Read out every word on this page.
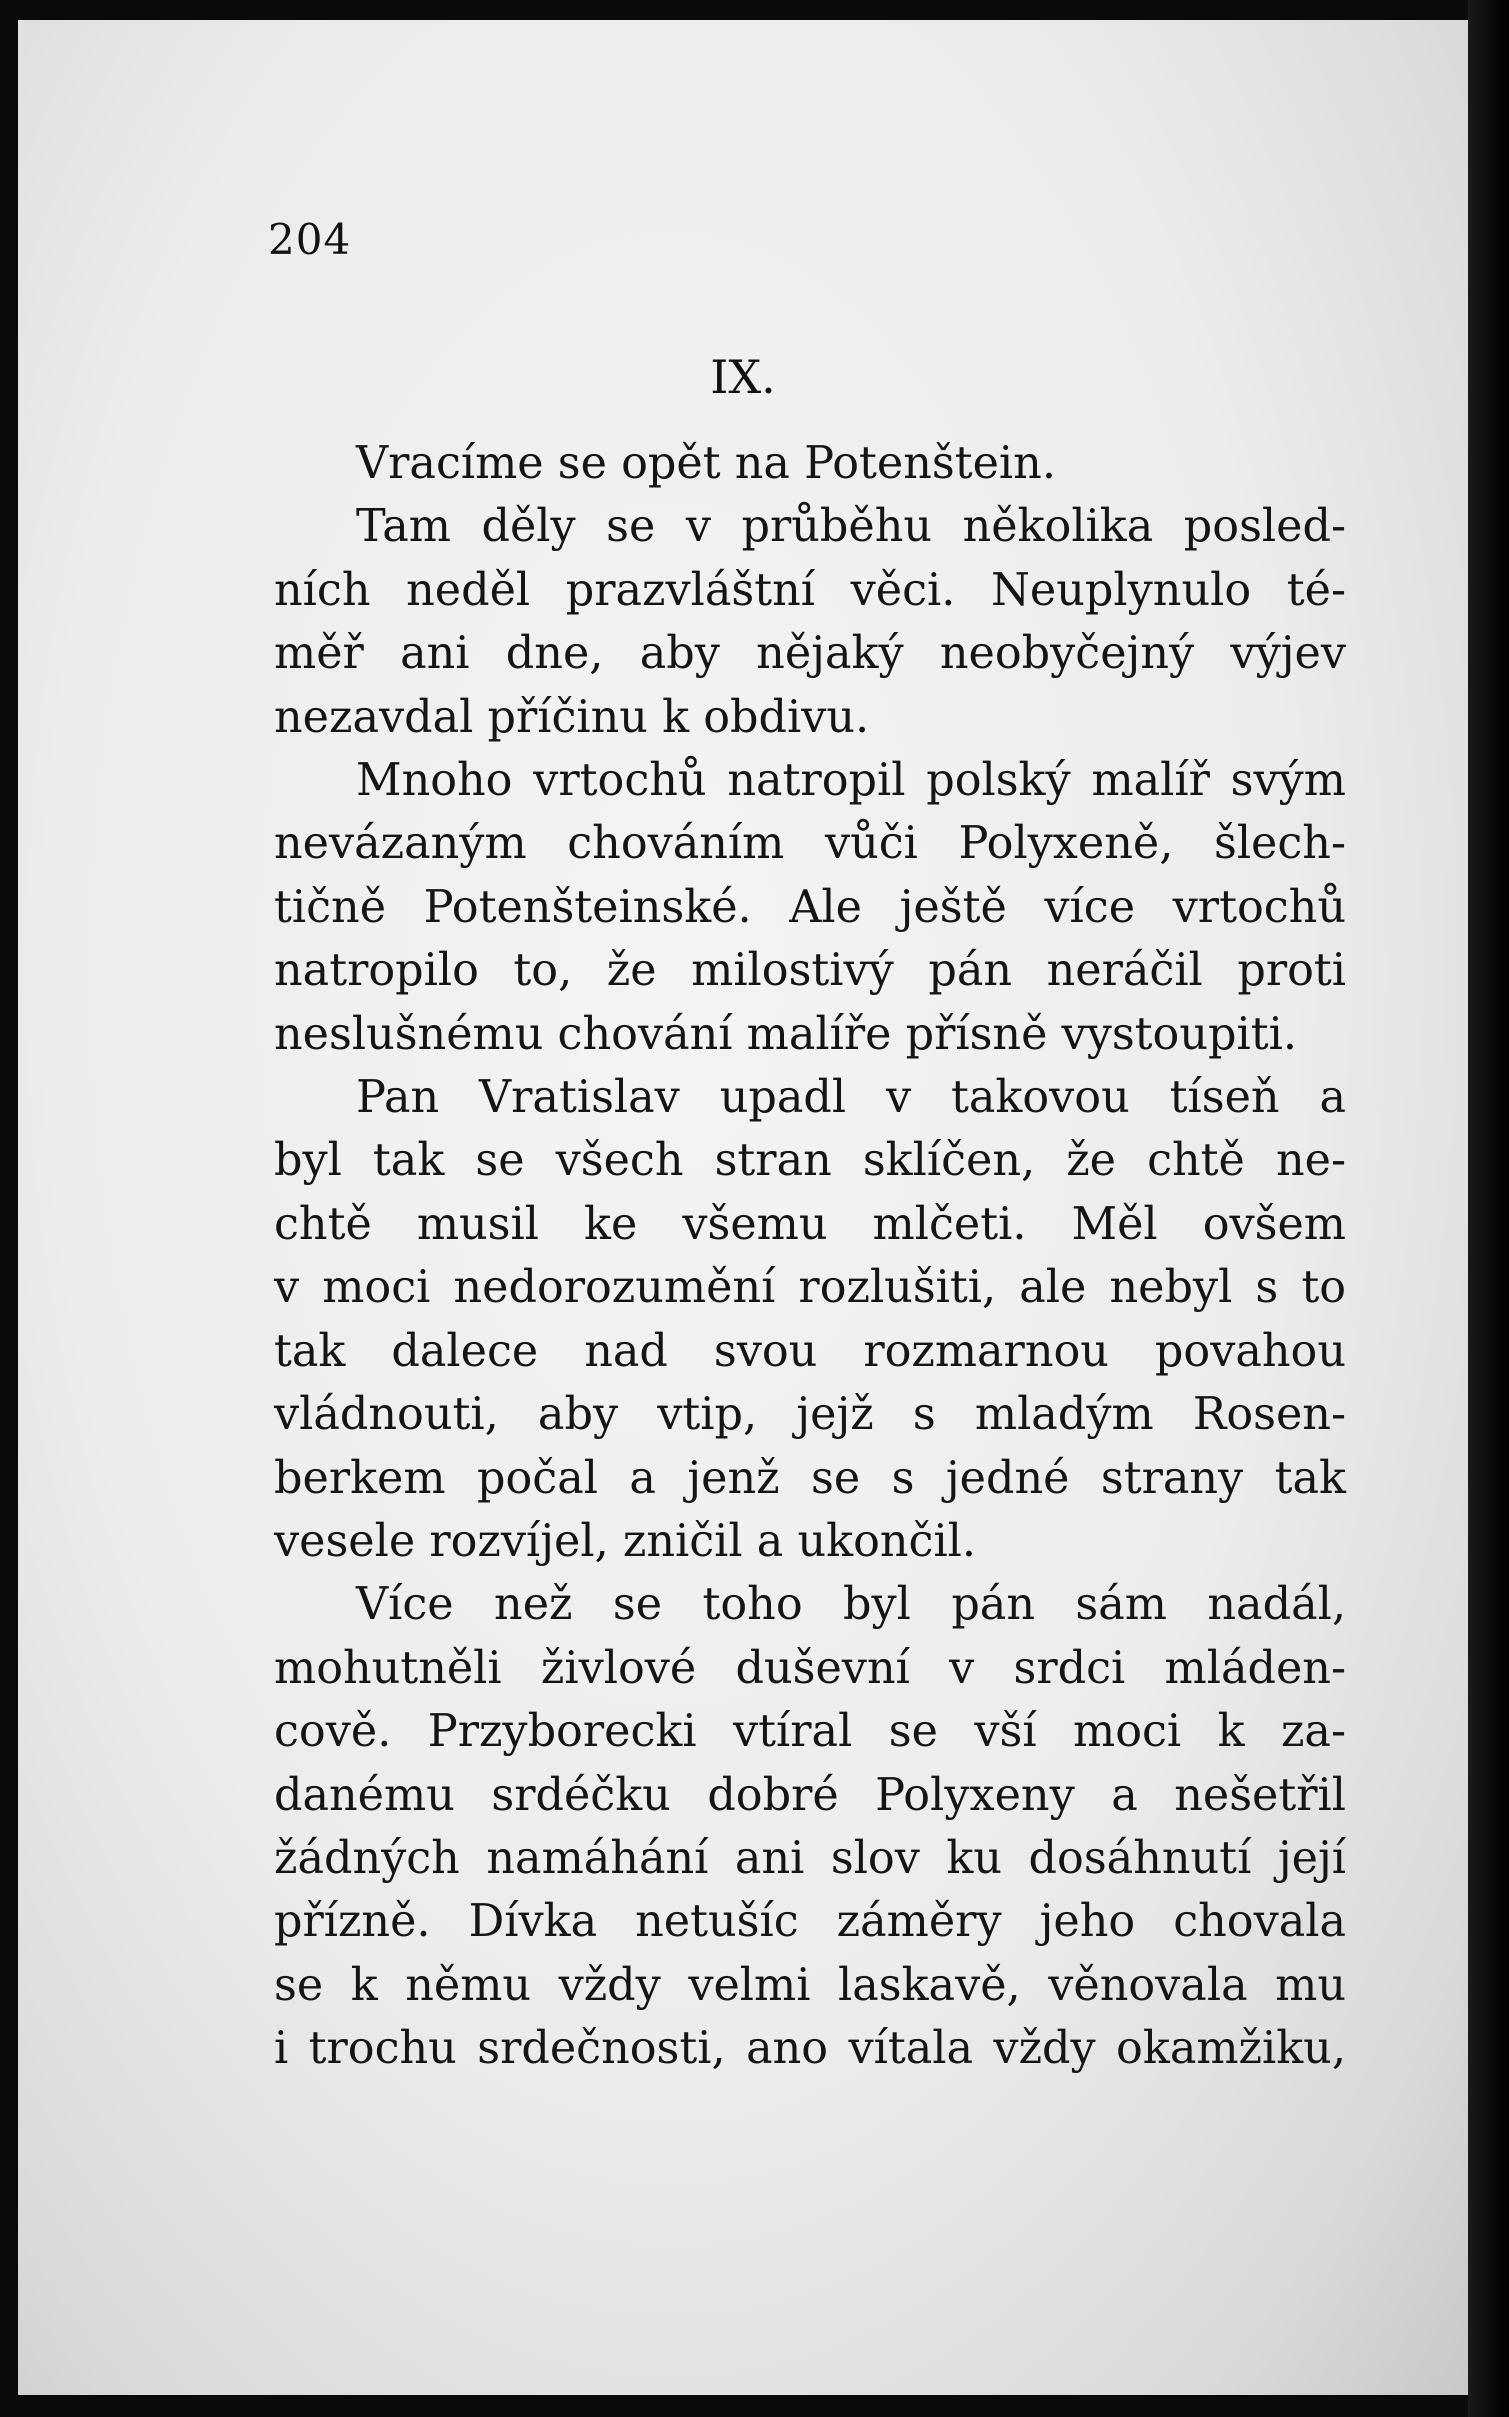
204
IX.
Vracíme se opět na Potenštein.
Tam děly se v průběhu několika posled-
ních neděl prazvláštní věci. Neuplynulo té-
měř ani dne, aby nějaký neobyčejný výjev
nezavdal příčinu k obdivu.
Mnoho vrtochů natropil polský malíř svým
nevázaným chováním vůči Polyxeně, šlech-
tičně Potenšteinské. Ale ještě více vrtochů
natropilo to, že milostivý pán neráčil proti
neslušnému chování malíře přísně vystoupiti.
Pan Vratislav upadl v takovou tíseň a
byl tak se všech stran sklíčen, že chtě ne-
chtě musil ke všemu mlčeti. Měl ovšem
v moci nedorozumění rozlušiti, ale nebyl s to
tak dalece nad svou rozmarnou povahou
vládnouti, aby vtip, jejž s mladým Rosen-
berkem počal a jenž se s jedné strany tak
vesele rozvíjel, zničil a ukončil.
Více než se toho byl pán sám nadál,
mohutněli živlové duševní v srdci mláden-
cově. Przyborecki vtíral se vší moci k za-
danému srdéčku dobré Polyxeny a nešetřil
žádných namáhání ani slov ku dosáhnutí její
přízně. Dívka netušíc záměry jeho chovala
se k němu vždy velmi laskavě, věnovala mu
i trochu srdečnosti, ano vítala vždy okamžiku,
